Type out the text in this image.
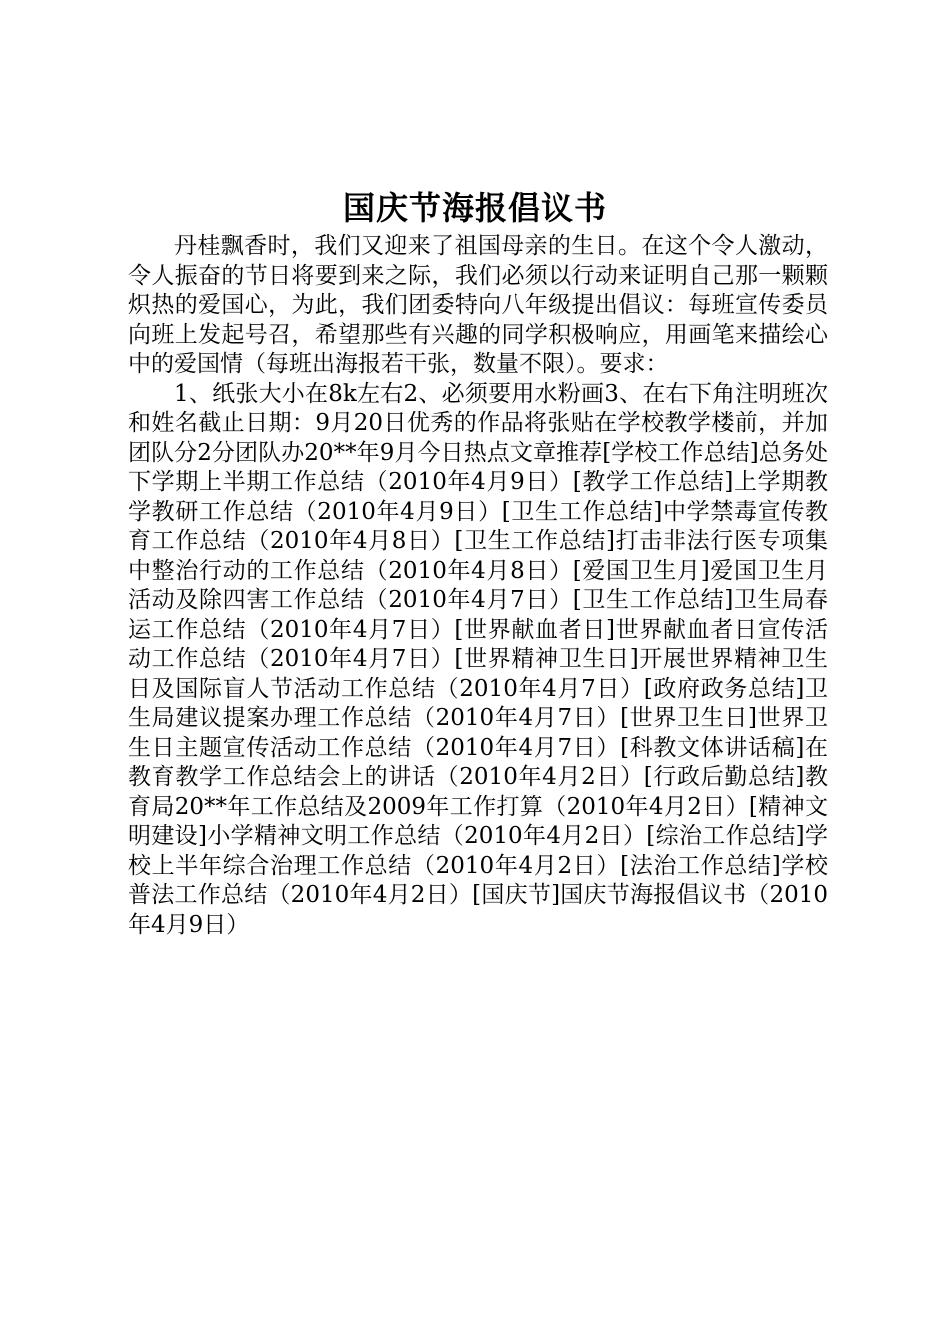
国庆节海报倡议书

丹桂飘香时，我们又迎来了祖国母亲的生日。在这个令人激动，令人振奋的节日将要到来之际，我们必须以行动来证明自己那一颗颗炽热的爱国心，为此，我们团委特向八年级提出倡议：每班宣传委员向班上发起号召，希望那些有兴趣的同学积极响应，用画笔来描绘心中的爱国情（每班出海报若干张，数量不限）。要求：

1、纸张大小在8k左右2、必须要用水粉画3、在右下角注明班次和姓名截止日期：9月20日优秀的作品将张贴在学校教学楼前，并加团队分2分团队办20**年9月今日热点文章推荐[学校工作总结]总务处下学期上半期工作总结（2010年4月9日）[教学工作总结]上学期教学教研工作总结（2010年4月9日）[卫生工作总结]中学禁毒宣传教育工作总结（2010年4月8日）[卫生工作总结]打击非法行医专项集中整治行动的工作总结（2010年4月8日）[爱国卫生月]爱国卫生月活动及除四害工作总结（2010年4月7日）[卫生工作总结]卫生局春运工作总结（2010年4月7日）[世界献血者日]世界献血者日宣传活动工作总结（2010年4月7日）[世界精神卫生日]开展世界精神卫生日及国际盲人节活动工作总结（2010年4月7日）[政府政务总结]卫生局建议提案办理工作总结（2010年4月7日）[世界卫生日]世界卫生日主题宣传活动工作总结（2010年4月7日）[科教文体讲话稿]在教育教学工作总结会上的讲话（2010年4月2日）[行政后勤总结]教育局20**年工作总结及2009年工作打算（2010年4月2日）[精神文明建设]小学精神文明工作总结（2010年4月2日）[综治工作总结]学校上半年综合治理工作总结（2010年4月2日）[法治工作总结]学校普法工作总结（2010年4月2日）[国庆节]国庆节海报倡议书（2010年4月9日）
